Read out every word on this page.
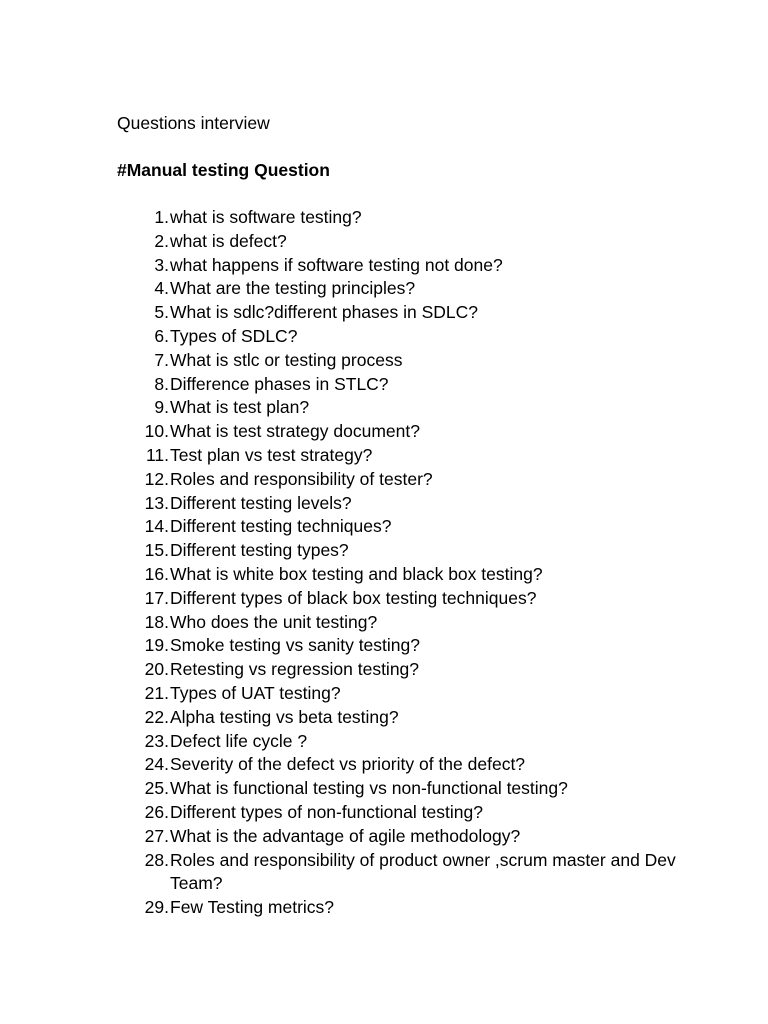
Questions interview
#Manual testing Question
1. what is software testing?
2. what is defect?
3. what happens if software testing not done?
4. What are the testing principles?
5. What is sdlc?different phases in SDLC?
6. Types of SDLC?
7. What is stlc or testing process
8. Difference phases in STLC?
9. What is test plan?
10. What is test strategy document?
11. Test plan vs test strategy?
12. Roles and responsibility of tester?
13. Different testing levels?
14. Different testing techniques?
15. Different testing types?
16. What is white box testing and black box testing?
17. Different types of black box testing techniques?
18. Who does the unit testing?
19. Smoke testing vs sanity testing?
20. Retesting vs regression testing?
21. Types of UAT testing?
22. Alpha testing vs beta testing?
23. Defect life cycle ?
24. Severity of the defect vs priority of the defect?
25. What is functional testing vs non-functional testing?
26. Different types of non-functional testing?
27. What is the advantage of agile methodology?
28. Roles and responsibility of product owner ,scrum master and Dev Team?
29. Few Testing metrics?
